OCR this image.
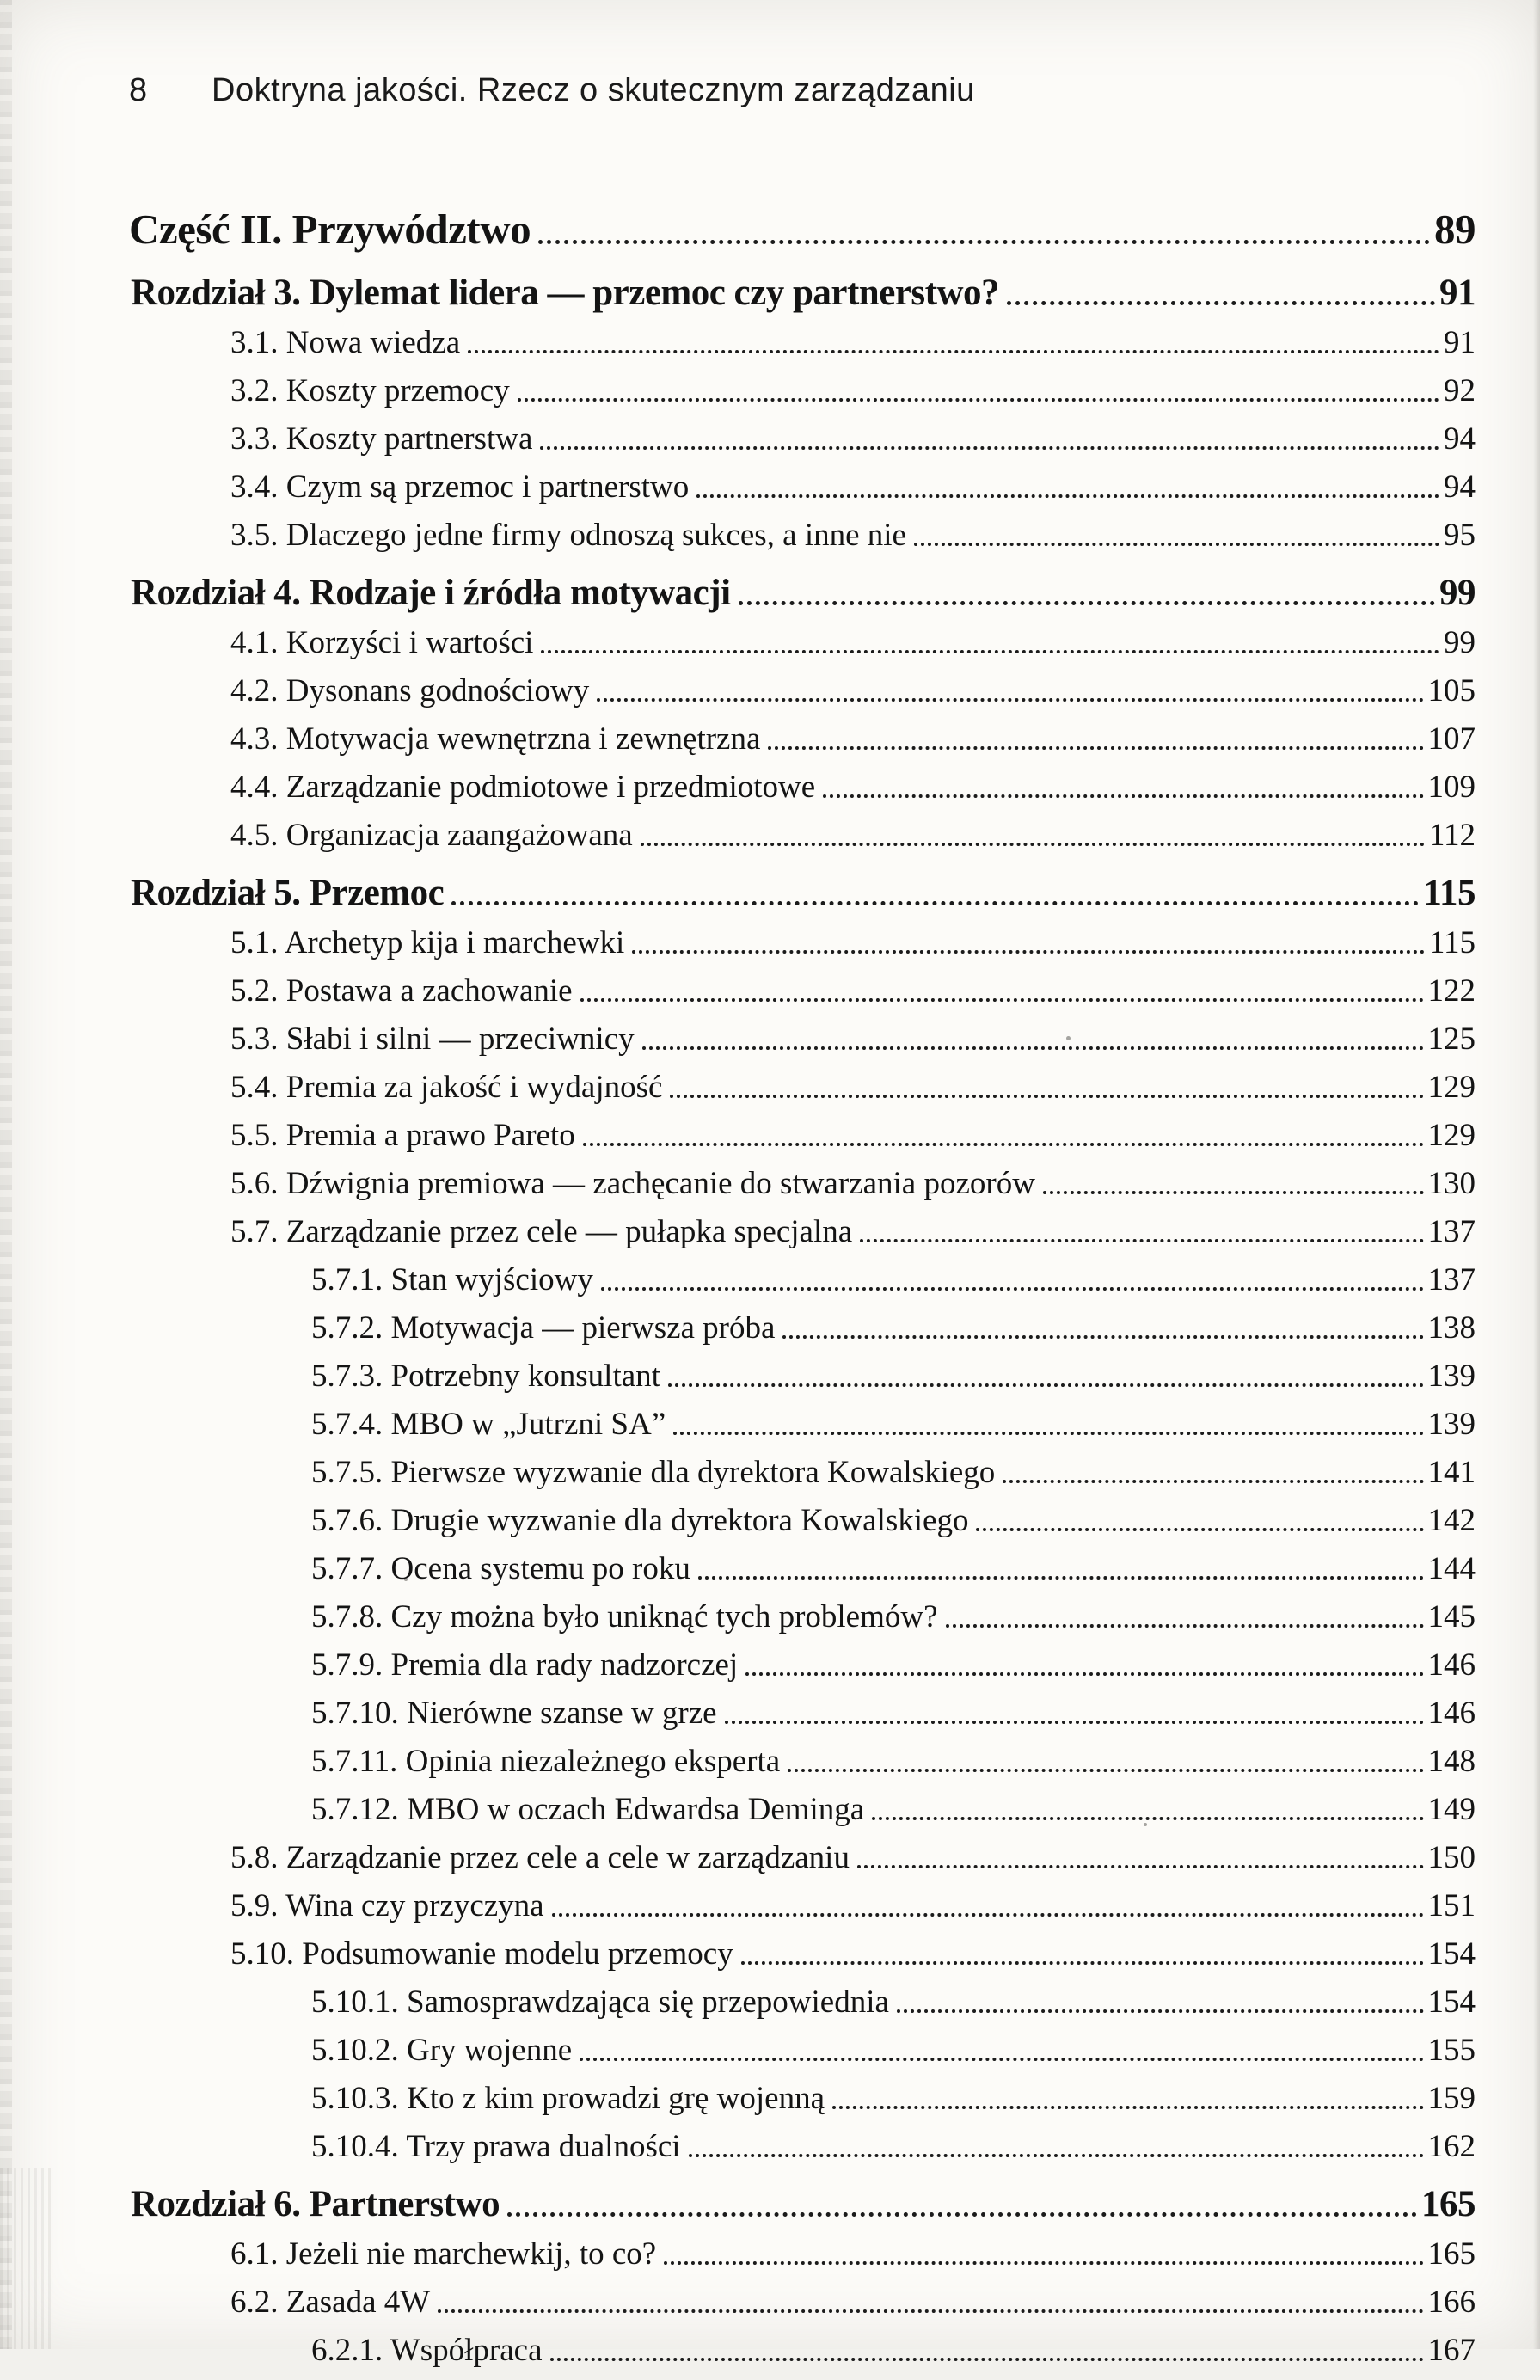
8	Doktryna jakości. Rzecz o skutecznym zarządzaniu
Część II. Przywództwo	89
Rozdział 3. Dylemat lidera — przemoc czy partnerstwo?	91
3.1. Nowa wiedza	91
3.2. Koszty przemocy	92
3.3. Koszty partnerstwa	94
3.4. Czym są przemoc i partnerstwo	94
3.5. Dlaczego jedne firmy odnoszą sukces, a inne nie	95
Rozdział 4. Rodzaje i źródła motywacji	99
4.1. Korzyści i wartości	99
4.2. Dysonans godnościowy	105
4.3. Motywacja wewnętrzna i zewnętrzna	107
4.4. Zarządzanie podmiotowe i przedmiotowe	109
4.5. Organizacja zaangażowana	112
Rozdział 5. Przemoc	115
5.1. Archetyp kija i marchewki	115
5.2. Postawa a zachowanie	122
5.3. Słabi i silni — przeciwnicy	125
5.4. Premia za jakość i wydajność	129
5.5. Premia a prawo Pareto	129
5.6. Dźwignia premiowa — zachęcanie do stwarzania pozorów	130
5.7. Zarządzanie przez cele — pułapka specjalna	137
5.7.1. Stan wyjściowy	137
5.7.2. Motywacja — pierwsza próba	138
5.7.3. Potrzebny konsultant	139
5.7.4. MBO w „Jutrzni SA”	139
5.7.5. Pierwsze wyzwanie dla dyrektora Kowalskiego	141
5.7.6. Drugie wyzwanie dla dyrektora Kowalskiego	142
5.7.7. Ocena systemu po roku	144
5.7.8. Czy można było uniknąć tych problemów?	145
5.7.9. Premia dla rady nadzorczej	146
5.7.10. Nierówne szanse w grze	146
5.7.11. Opinia niezależnego eksperta	148
5.7.12. MBO w oczach Edwardsa Deminga	149
5.8. Zarządzanie przez cele a cele w zarządzaniu	150
5.9. Wina czy przyczyna	151
5.10. Podsumowanie modelu przemocy	154
5.10.1. Samosprawdzająca się przepowiednia	154
5.10.2. Gry wojenne	155
5.10.3. Kto z kim prowadzi grę wojenną	159
5.10.4. Trzy prawa dualności	162
Rozdział 6. Partnerstwo	165
6.1. Jeżeli nie marchewkij, to co?	165
6.2. Zasada 4W	166
6.2.1. Współpraca	167
